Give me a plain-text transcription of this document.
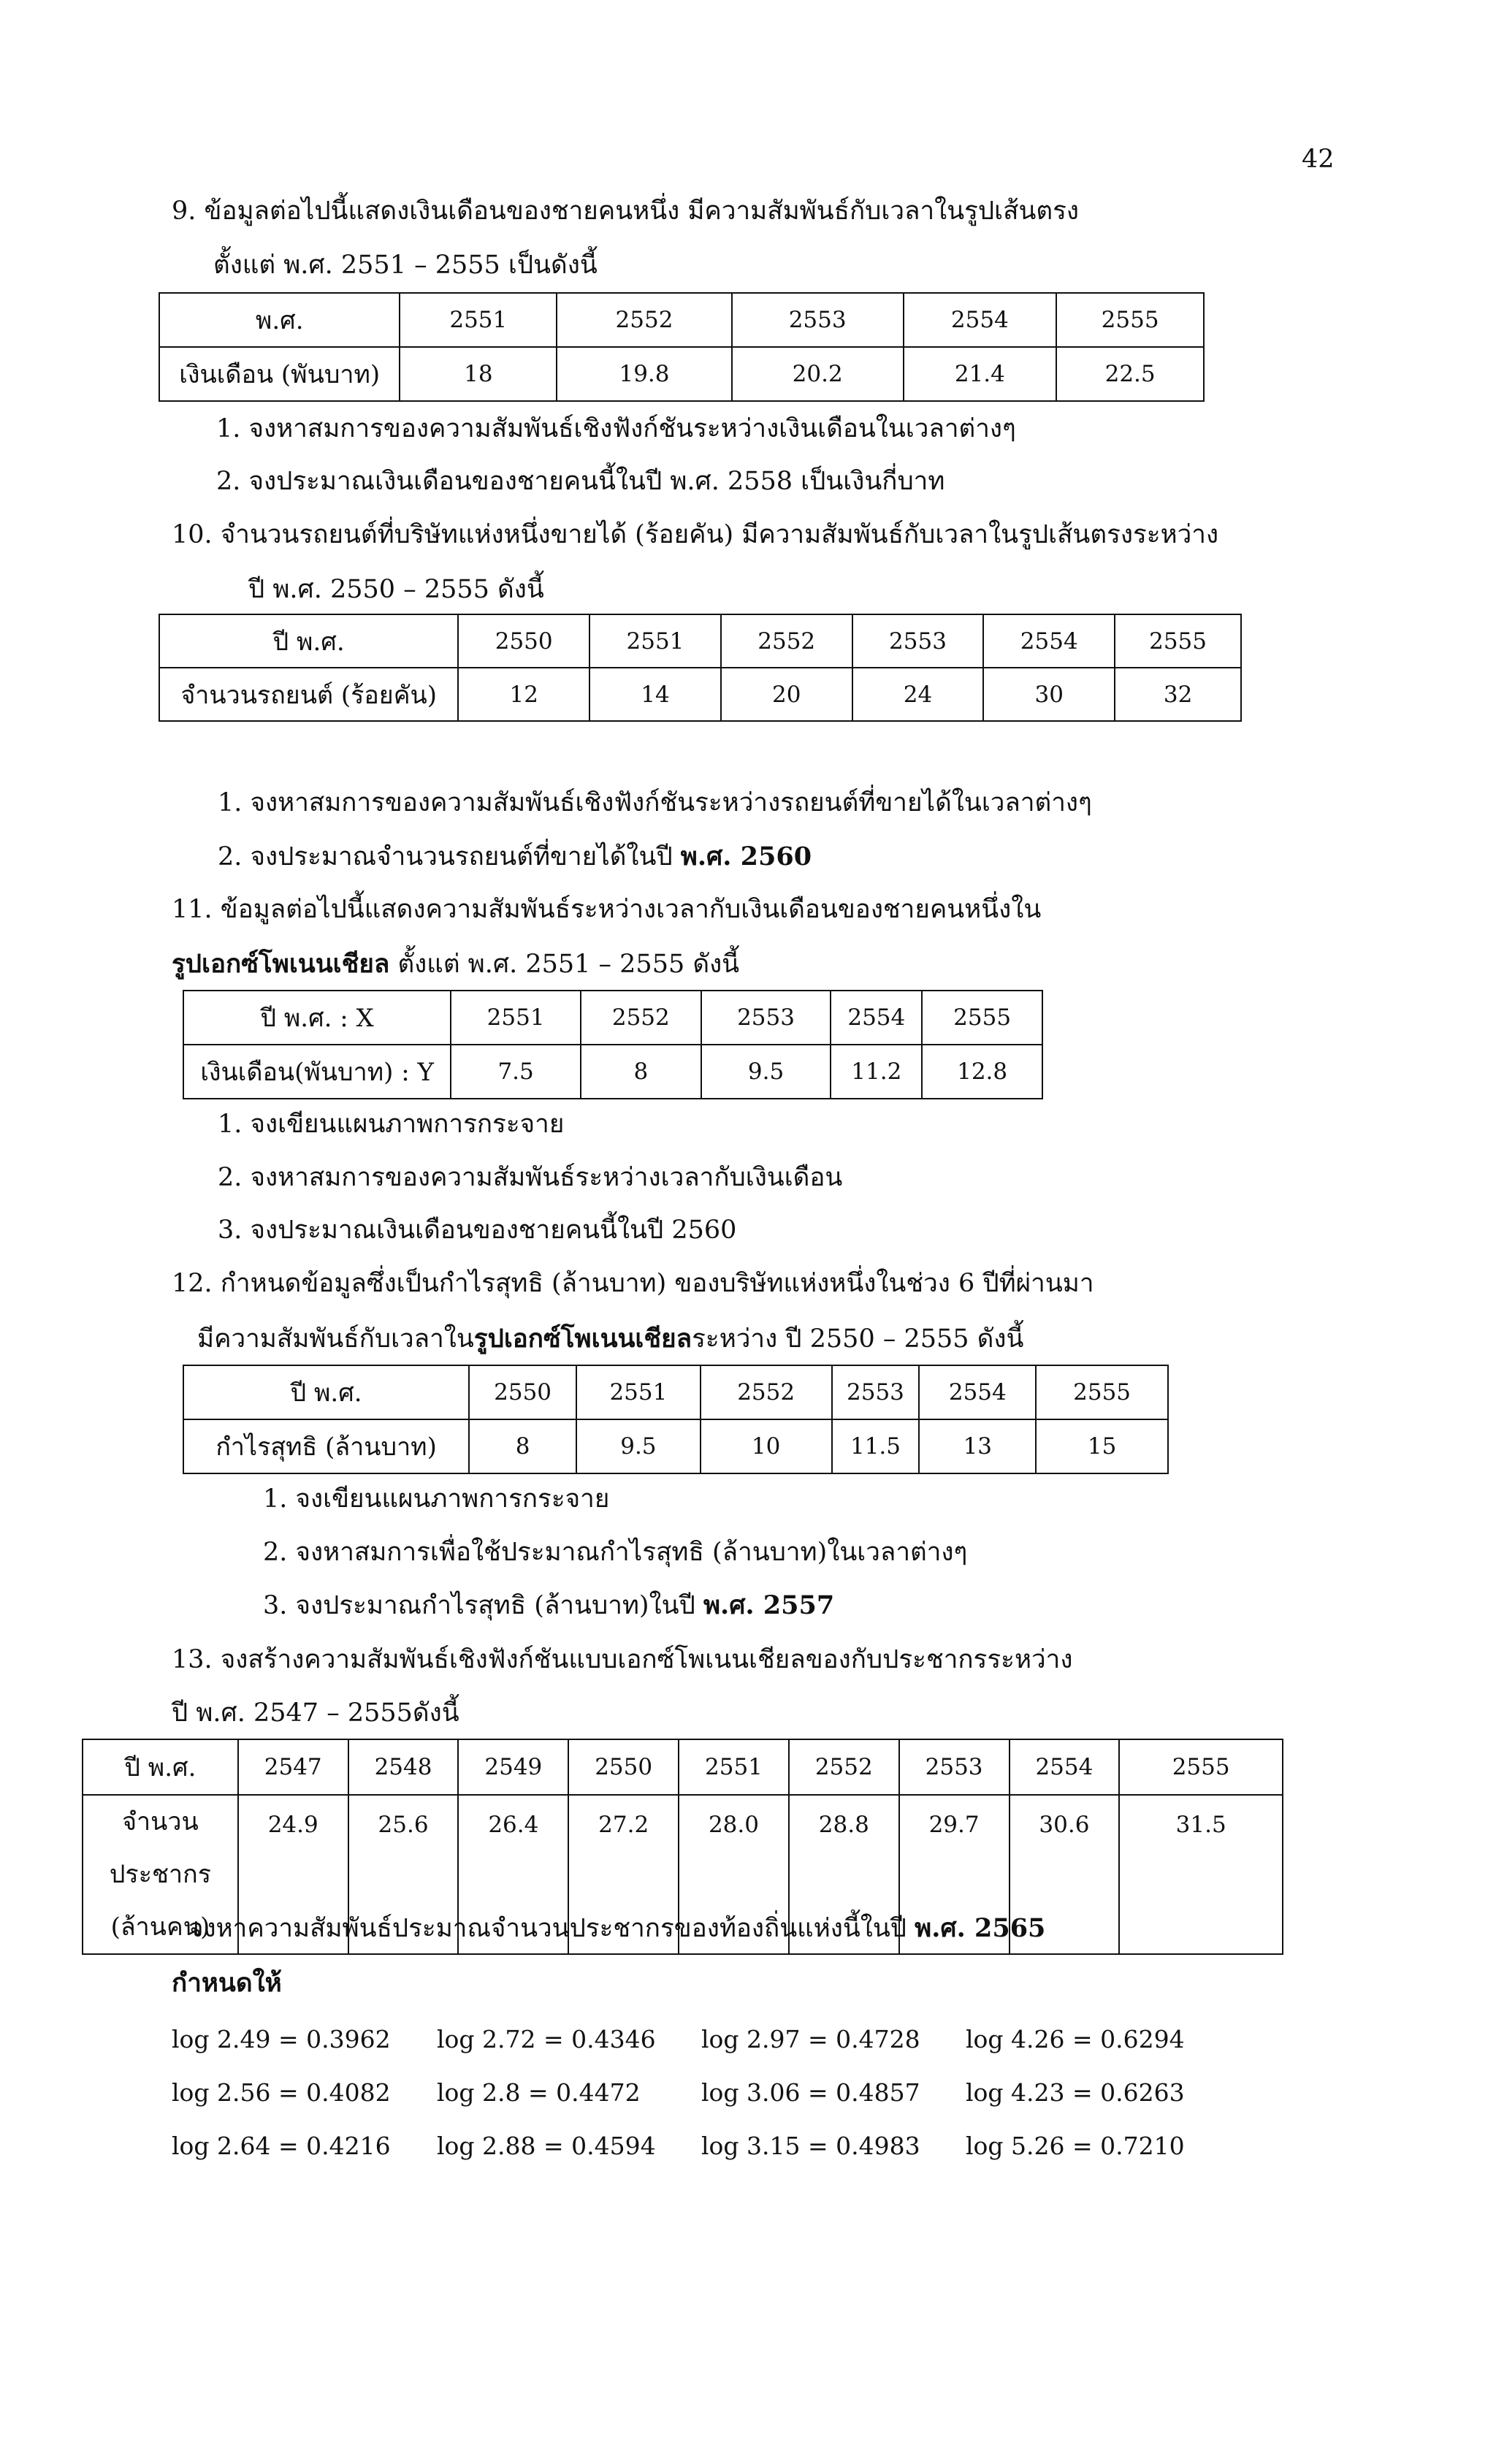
42
9. ข้อมูลต่อไปนี้แสดงเงินเดือนของชายคนหนึ่ง มีความสัมพันธ์กับเวลาในรูปเส้นตรง
ตั้งแต่ พ.ศ. 2551 – 2555 เป็นดังนี้
พ.ศ.	2551	2552	2553	2554	2555
เงินเดือน (พันบาท)	18	19.8	20.2	21.4	22.5
1. จงหาสมการของความสัมพันธ์เชิงฟังก์ชันระหว่างเงินเดือนในเวลาต่างๆ
2. จงประมาณเงินเดือนของชายคนนี้ในปี พ.ศ. 2558 เป็นเงินกี่บาท
10. จำนวนรถยนต์ที่บริษัทแห่งหนึ่งขายได้ (ร้อยคัน) มีความสัมพันธ์กับเวลาในรูปเส้นตรงระหว่าง
ปี พ.ศ. 2550 – 2555 ดังนี้
ปี พ.ศ.	2550	2551	2552	2553	2554	2555
จำนวนรถยนต์ (ร้อยคัน)	12	14	20	24	30	32
1. จงหาสมการของความสัมพันธ์เชิงฟังก์ชันระหว่างรถยนต์ที่ขายได้ในเวลาต่างๆ
2. จงประมาณจำนวนรถยนต์ที่ขายได้ในปี พ.ศ. 2560
11. ข้อมูลต่อไปนี้แสดงความสัมพันธ์ระหว่างเวลากับเงินเดือนของชายคนหนึ่งใน
รูปเอกซ์โพเนนเชียล ตั้งแต่ พ.ศ. 2551 – 2555 ดังนี้
ปี พ.ศ. : X	2551	2552	2553	2554	2555
เงินเดือน(พันบาท) : Y	7.5	8	9.5	11.2	12.8
1. จงเขียนแผนภาพการกระจาย
2. จงหาสมการของความสัมพันธ์ระหว่างเวลากับเงินเดือน
3. จงประมาณเงินเดือนของชายคนนี้ในปี 2560
12. กำหนดข้อมูลซึ่งเป็นกำไรสุทธิ (ล้านบาท) ของบริษัทแห่งหนึ่งในช่วง 6 ปีที่ผ่านมา
มีความสัมพันธ์กับเวลาในรูปเอกซ์โพเนนเชียลระหว่าง ปี 2550 – 2555 ดังนี้
ปี พ.ศ.	2550	2551	2552	2553	2554	2555
กำไรสุทธิ (ล้านบาท)	8	9.5	10	11.5	13	15
1. จงเขียนแผนภาพการกระจาย
2. จงหาสมการเพื่อใช้ประมาณกำไรสุทธิ (ล้านบาท)ในเวลาต่างๆ
3. จงประมาณกำไรสุทธิ (ล้านบาท)ในปี พ.ศ. 2557
13. จงสร้างความสัมพันธ์เชิงฟังก์ชันแบบเอกซ์โพเนนเชียลของกับประชากรระหว่าง
ปี พ.ศ. 2547 – 2555ดังนี้
ปี พ.ศ.	2547	2548	2549	2550	2551	2552	2553	2554	2555

จำนวนประชากร
(ล้านคน)	24.9	25.6	26.4	27.2	28.0	28.8	29.7	30.6	31.5
จงหาความสัมพันธ์ประมาณจำนวนประชากรของท้องถิ่นแห่งนี้ในปี พ.ศ. 2565
กำหนดให้
log 2.49 = 0.3962 log 2.72 = 0.4346 log 2.97 = 0.4728 log 4.26 = 0.6294
log 2.56 = 0.4082 log 2.8 = 0.4472	log 3.06 = 0.4857 log 4.23 = 0.6263
log 2.64 = 0.4216 log 2.88 = 0.4594 log 3.15 = 0.4983 log 5.26 = 0.7210
